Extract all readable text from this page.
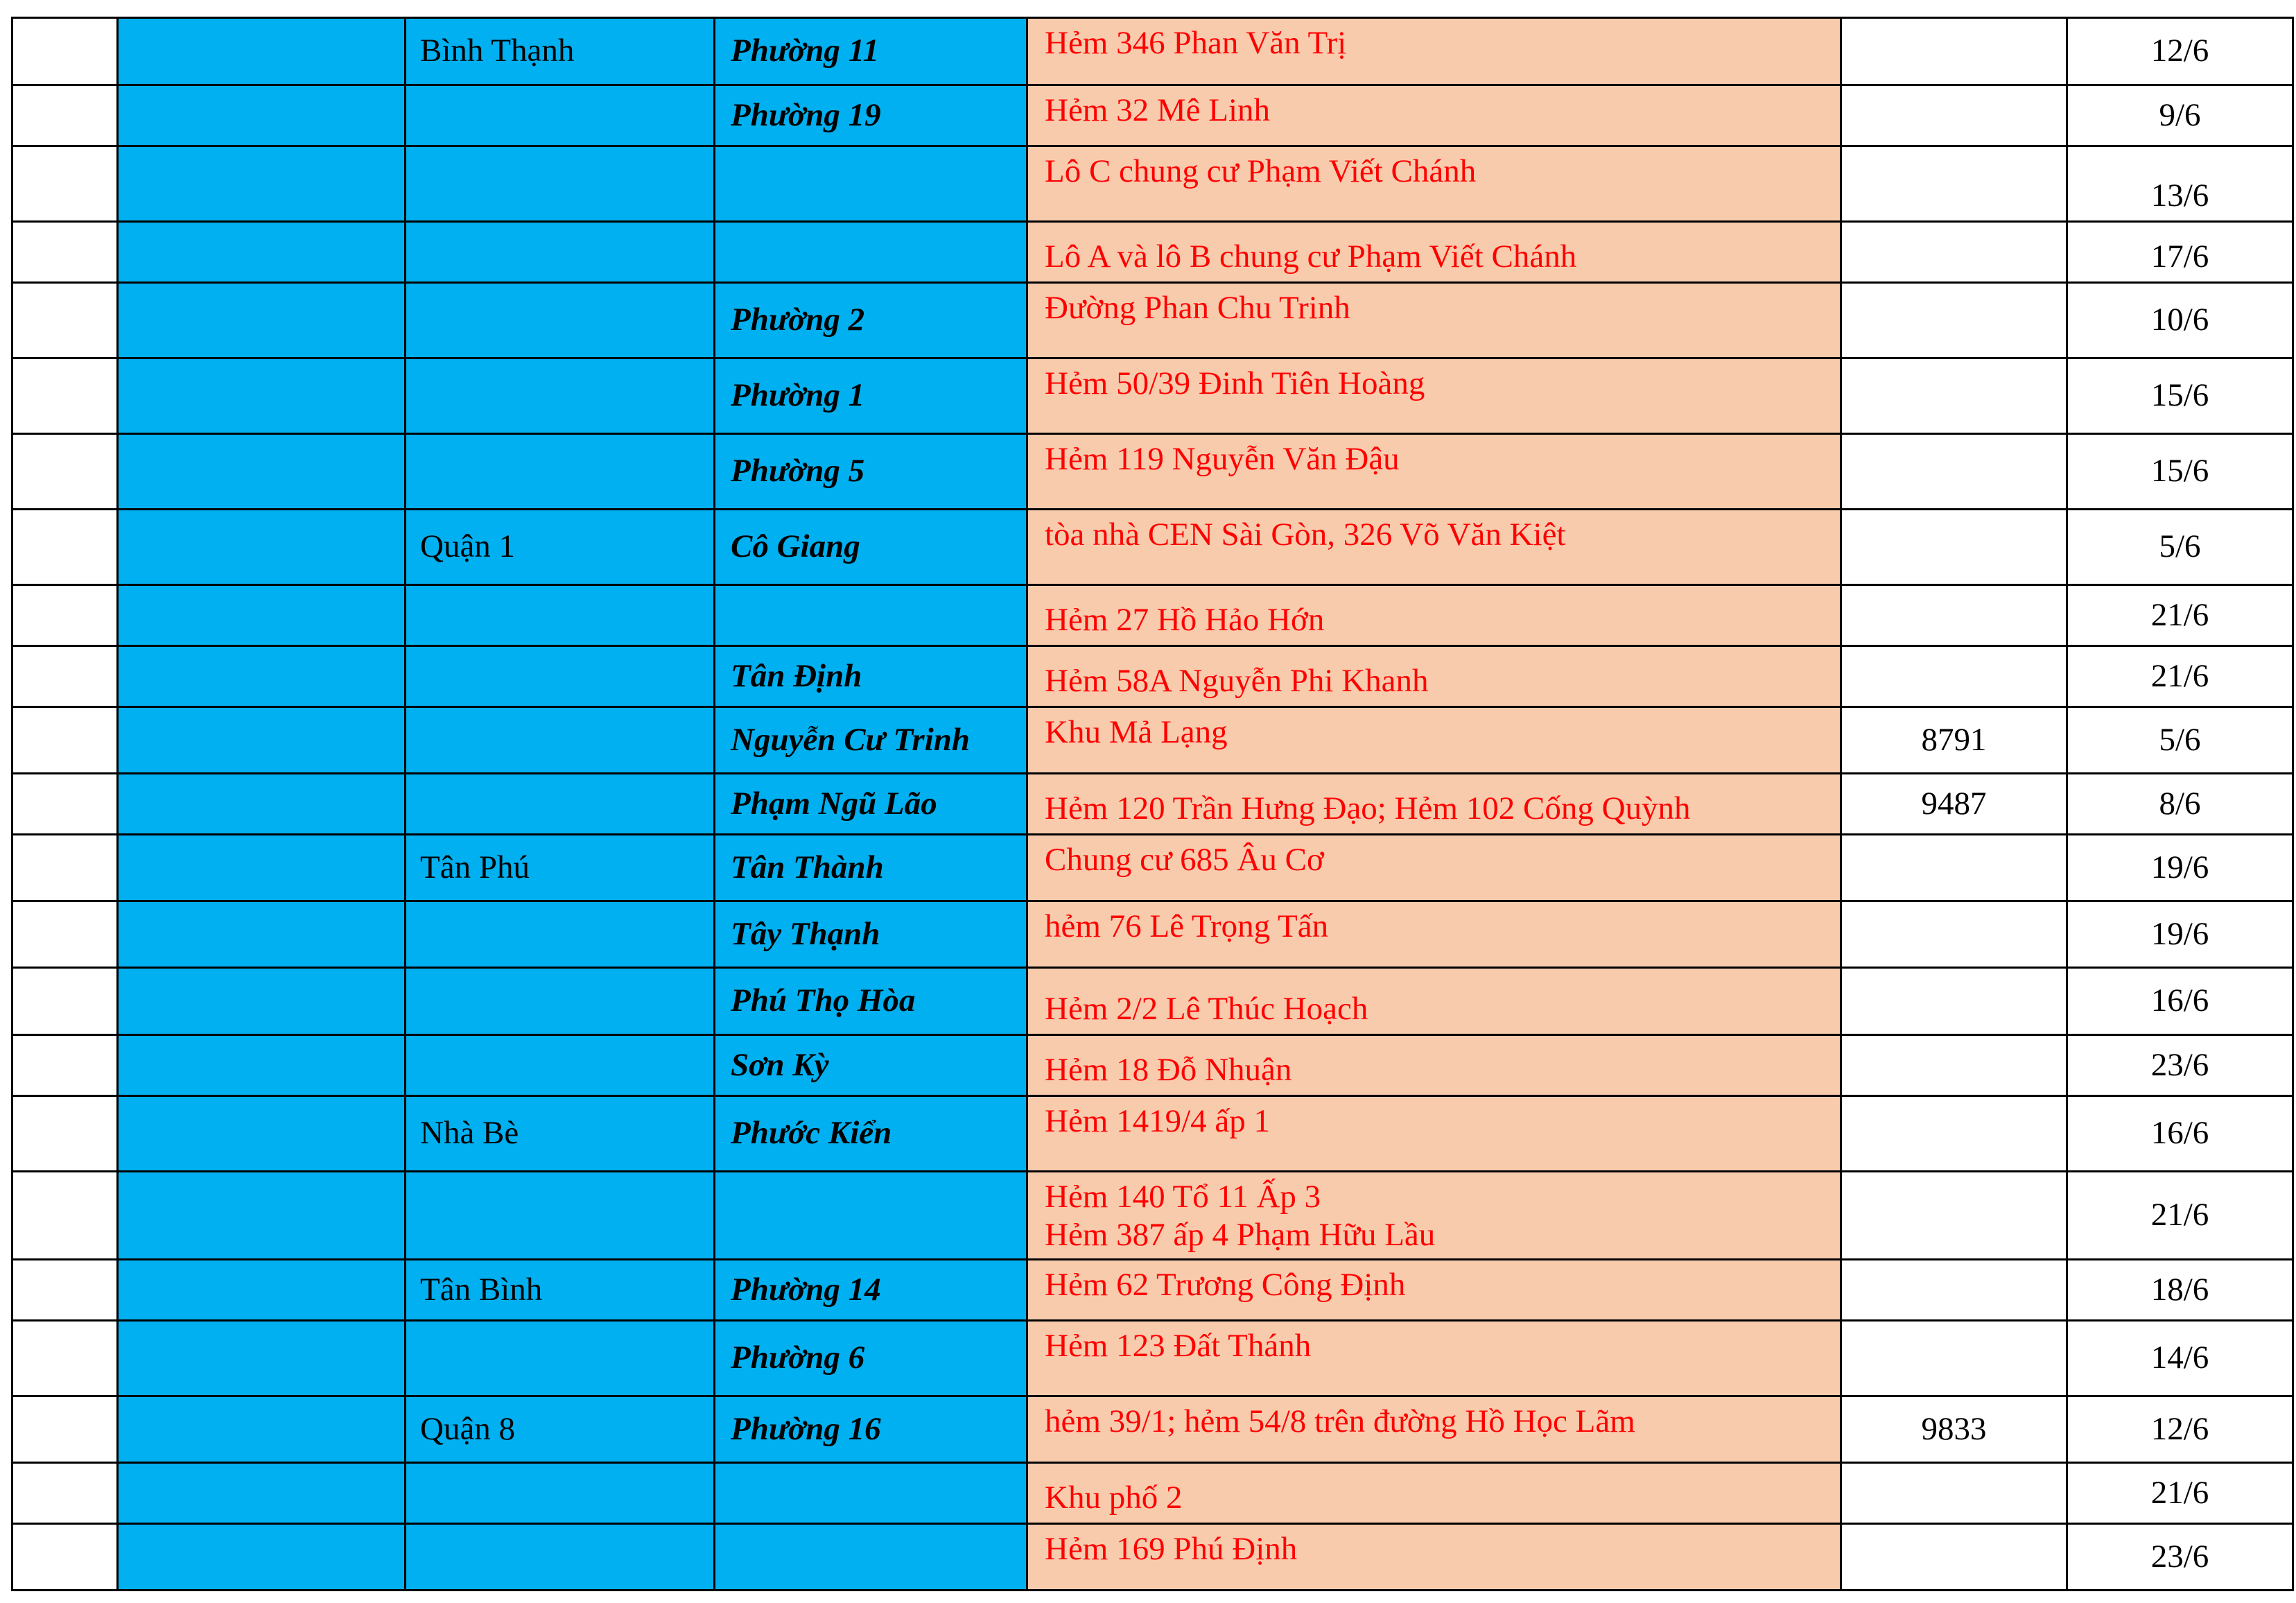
		Bình Thạnh	Phường 11	Hẻm 346 Phan Văn Trị		12/6
			Phường 19	Hẻm 32 Mê Linh		9/6

				Lô C chung cư Phạm Viết Chánh		13/6

				Lô A và lô B chung cư Phạm Viết Chánh		17/6
			Phường 2	Đường Phan Chu Trinh		10/6
			Phường 1	Hẻm 50/39 Đinh Tiên Hoàng		15/6
			Phường 5	Hẻm 119 Nguyễn Văn Đậu		15/6
		Quận 1	Cô Giang	tòa nhà CEN Sài Gòn, 326 Võ Văn Kiệt		5/6

				Hẻm 27 Hồ Hảo Hớn		21/6
			Tân Định	Hẻm 58A Nguyễn Phi Khanh		21/6
			Nguyễn Cư Trinh	Khu Mả Lạng	8791	5/6
			Phạm Ngũ Lão	Hẻm 120 Trần Hưng Đạo; Hẻm 102 Cống Quỳnh	9487	8/6
		Tân Phú	Tân Thành	Chung cư 685 Âu Cơ		19/6
			Tây Thạnh	hẻm 76 Lê Trọng Tấn		19/6
			Phú Thọ Hòa	Hẻm 2/2 Lê Thúc Hoạch		16/6
			Sơn Kỳ	Hẻm 18 Đỗ Nhuận		23/6
		Nhà Bè	Phước Kiển	Hẻm 1419/4 ấp 1		16/6

				Hẻm 140 Tổ 11 Ấp 3
Hẻm 387 ấp 4 Phạm Hữu Lầu		21/6
		Tân Bình	Phường 14	Hẻm 62 Trương Công Định		18/6
			Phường 6	Hẻm 123 Đất Thánh		14/6
		Quận 8	Phường 16	hẻm 39/1; hẻm 54/8 trên đường Hồ Học Lãm	9833	12/6

				Khu phố 2		21/6

				Hẻm 169 Phú Định		23/6
